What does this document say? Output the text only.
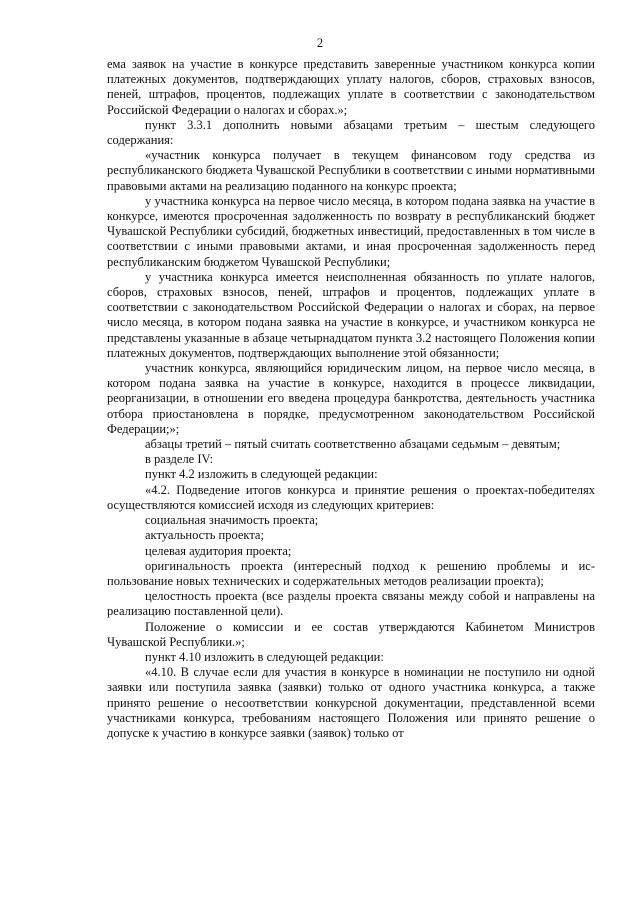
2

ема заявок на участие в конкурсе представить заверенные участником конкурса копии платежных документов, подтверждающих уплату налогов, сборов, страховых взносов, пеней, штрафов, процентов, подлежащих уплате в соответствии с законодательством Российской Федерации о налогах и сборах.»;

пункт 3.3.1 дополнить новыми абзацами третьим – шестым следующего содержания:

«участник конкурса получает в текущем финансовом году средства из республиканского бюджета Чувашской Республики в соответствии с иными нормативными правовыми актами на реализацию поданного на конкурс проекта;

у участника конкурса на первое число месяца, в котором подана заявка на участие в конкурсе, имеются просроченная задолженность по возврату в республиканский бюджет Чувашской Республики субсидий, бюджетных инвестиций, предоставленных в том числе в соответствии с иными правовыми актами, и иная просроченная задолженность перед республиканским бюджетом Чувашской Республики;

у участника конкурса имеется неисполненная обязанность по уплате налогов, сборов, страховых взносов, пеней, штрафов и процентов, подлежащих уплате в соответствии с законодательством Российской Федерации о налогах и сборах, на первое число месяца, в котором подана заявка на участие в конкурсе, и участником конкурса не представлены указанные в абзаце четырнадцатом пункта 3.2 настоящего Положения копии платежных документов, подтверждающих выполнение этой обязанности;

участник конкурса, являющийся юридическим лицом, на первое число месяца, в котором подана заявка на участие в конкурсе, находится в процессе ликвидации, реорганизации, в отношении его введена процедура банкротства, деятельность участника отбора приостановлена в порядке, предусмотренном законодательством Российской Федерации;»;

абзацы третий – пятый считать соответственно абзацами седьмым – девятым;

в разделе IV:

пункт 4.2 изложить в следующей редакции:

«4.2. Подведение итогов конкурса и принятие решения о проектах-победителях осуществляются комиссией исходя из следующих критериев:

социальная значимость проекта;

актуальность проекта;

целевая аудитория проекта;

оригинальность проекта (интересный подход к решению проблемы и использование новых технических и содержательных методов реализации проекта);

целостность проекта (все разделы проекта связаны между собой и направлены на реализацию поставленной цели).

Положение о комиссии и ее состав утверждаются Кабинетом Министров Чувашской Республики.»;

пункт 4.10 изложить в следующей редакции:

«4.10. В случае если для участия в конкурсе в номинации не поступило ни одной заявки или поступила заявка (заявки) только от одного участника конкурса, а также принято решение о несоответствии конкурсной документации, представленной всеми участниками конкурса, требованиям настоящего Положения или принято решение о допуске к участию в конкурсе заявки (заявок) только от
